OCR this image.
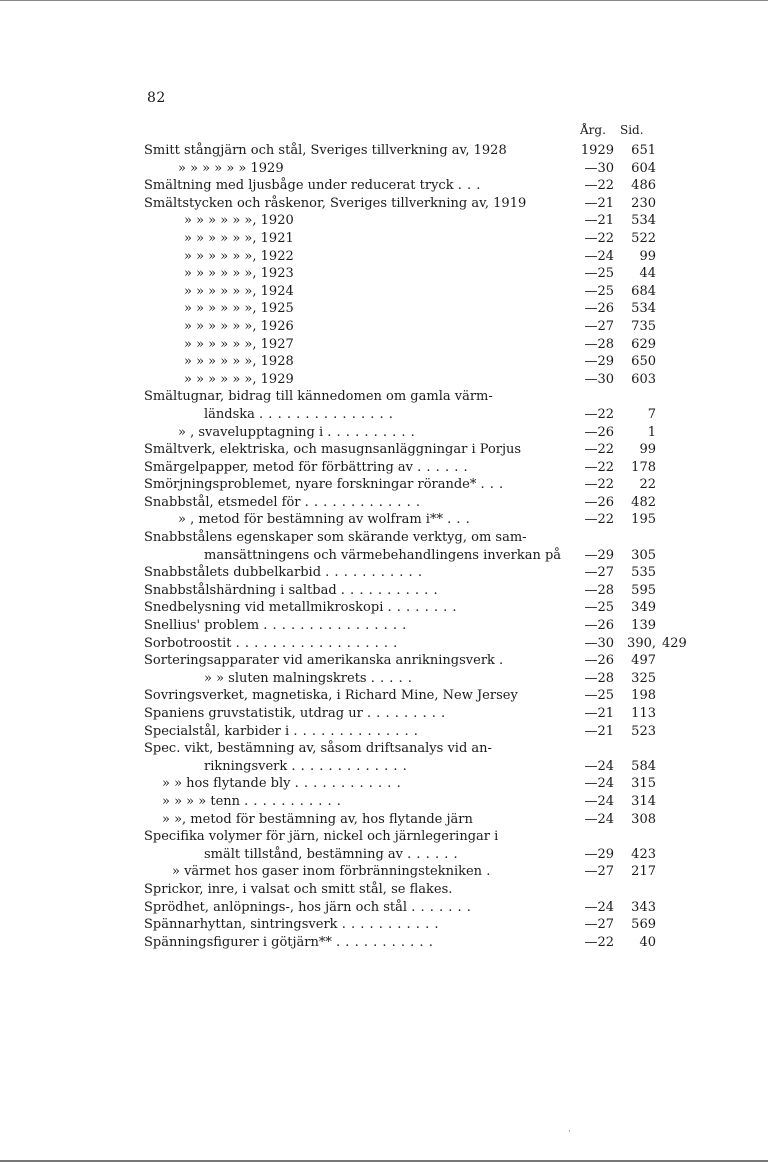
82
Årg. Sid.
Smitt stångjärn och stål, Sveriges tillverkning av, 1928	1929	651
» » » » » » 1929	—30	604
Smältning med ljusbåge under reducerat tryck . . .	—22	486
Smältstycken och råskenor, Sveriges tillverkning av, 1919	—21	230
» » » » » », 1920	—21	534
» » » » » », 1921	—22	522
» » » » » », 1922	—24	99
» » » » » », 1923	—25	44
» » » » » », 1924	—25	684
» » » » » », 1925	—26	534
» » » » » », 1926	—27	735
» » » » » », 1927	—28	629
» » » » » », 1928	—29	650
» » » » » », 1929	—30	603
Smältugnar, bidrag till kännedomen om gamla värm-
ländska . . . . . . . . . . . . . . .	—22	7
» , svavelupptagning i . . . . . . . . . .	—26	1
Smältverk, elektriska, och masugnsanläggningar i Porjus	—22	99
Smärgelpapper, metod för förbättring av . . . . . .	—22	178
Smörjningsproblemet, nyare forskningar rörande* . . .	—22	22
Snabbstål, etsmedel för . . . . . . . . . . . . .	—26	482
» , metod för bestämning av wolfram i** . . .	—22	195
Snabbstålens egenskaper som skärande verktyg, om sam-
mansättningens och värmebehandlingens inverkan på	—29	305
Snabbstålets dubbelkarbid . . . . . . . . . . .	—27	535
Snabbstålshärdning i saltbad . . . . . . . . . . .	—28	595
Snedbelysning vid metallmikroskopi . . . . . . . .	—25	349
Snellius' problem . . . . . . . . . . . . . . . .	—26	139
Sorbotroostit . . . . . . . . . . . . . . . . . .	—30	390, 429
Sorteringsapparater vid amerikanska anrikningsverk .	—26	497
» » sluten malningskrets . . . . .	—28	325
Sovringsverket, magnetiska, i Richard Mine, New Jersey	—25	198
Spaniens gruvstatistik, utdrag ur . . . . . . . . .	—21	113
Specialstål, karbider i . . . . . . . . . . . . . .	—21	523
Spec. vikt, bestämning av, såsom driftsanalys vid an-
rikningsverk . . . . . . . . . . . . .	—24	584
» » hos flytande bly . . . . . . . . . . . .	—24	315
» » » » tenn . . . . . . . . . . .	—24	314
» », metod för bestämning av, hos flytande järn	—24	308
Specifika volymer för järn, nickel och järnlegeringar i
smält tillstånd, bestämning av . . . . . .	—29	423
» värmet hos gaser inom förbränningstekniken .	—27	217
Sprickor, inre, i valsat och smitt stål, se flakes.
Sprödhet, anlöpnings-, hos järn och stål . . . . . . .	—24	343
Spännarhyttan, sintringsverk . . . . . . . . . . .	—27	569
Spänningsfigurer i götjärn** . . . . . . . . . . .	—22	40
·
